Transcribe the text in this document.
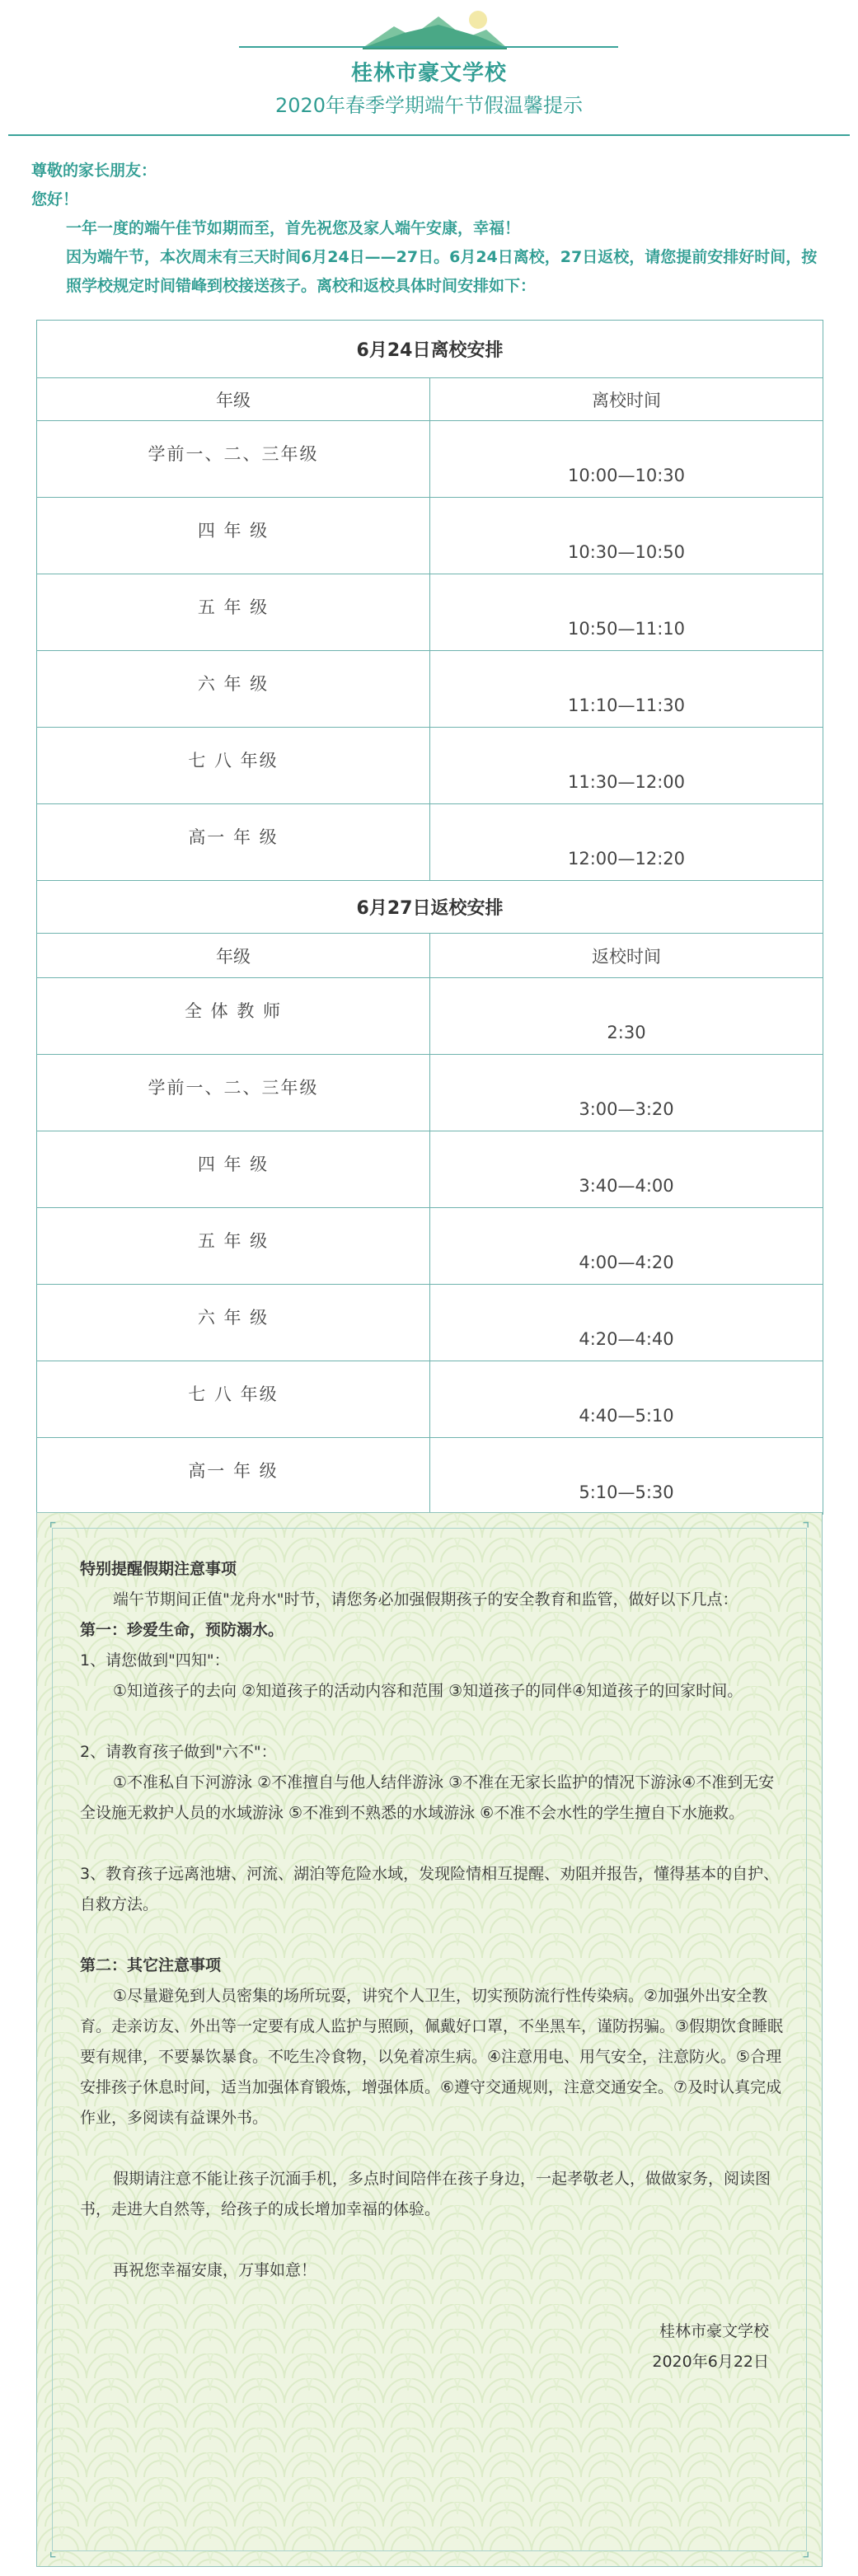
桂林市豪文学校
2020年春季学期端午节假温馨提示

尊敬的家长朋友：

您好！

一年一度的端午佳节如期而至，首先祝您及家人端午安康，幸福！

因为端午节，本次周末有三天时间6月24日——27日。6月24日离校，27日返校，请您提前安排好时间，按照学校规定时间错峰到校接送孩子。离校和返校具体时间安排如下：

6月24日离校安排	
年级	离校时间
学前一、二、三年级	10:00—10:30
四 年 级	10:30—10:50
五 年 级	10:50—11:10
六 年 级	11:10—11:30
七 八 年级	11:30—12:00
高一 年 级	12:00—12:20
6月27日返校安排	
年级	返校时间
全 体 教 师	2:30
学前一、二、三年级	3:00—3:20
四 年 级	3:40—4:00
五 年 级	4:00—4:20
六 年 级	4:20—4:40
七 八 年级	4:40—5:10
高一 年 级	5:10—5:30
⌜	⌝
⌞	⌟

特别提醒假期注意事项

端午节期间正值"龙舟水"时节，请您务必加强假期孩子的安全教育和监管，做好以下几点：

第一：珍爱生命，预防溺水。

1、请您做到"四知"：

①知道孩子的去向 ②知道孩子的活动内容和范围 ③知道孩子的同伴④知道孩子的回家时间。

2、请教育孩子做到"六不"：

①不准私自下河游泳 ②不准擅自与他人结伴游泳 ③不准在无家长监护的情况下游泳④不准到无安全设施无救护人员的水域游泳 ⑤不准到不熟悉的水域游泳 ⑥不准不会水性的学生擅自下水施救。

3、教育孩子远离池塘、河流、湖泊等危险水域，发现险情相互提醒、劝阻并报告，懂得基本的自护、自救方法。

第二：其它注意事项

①尽量避免到人员密集的场所玩耍，讲究个人卫生，切实预防流行性传染病。②加强外出安全教育。走亲访友、外出等一定要有成人监护与照顾，佩戴好口罩，不坐黑车，谨防拐骗。③假期饮食睡眠要有规律，不要暴饮暴食。不吃生冷食物，以免着凉生病。④注意用电、用气安全，注意防火。⑤合理安排孩子休息时间，适当加强体育锻炼，增强体质。⑥遵守交通规则，注意交通安全。⑦及时认真完成作业，多阅读有益课外书。

假期请注意不能让孩子沉湎手机，多点时间陪伴在孩子身边，一起孝敬老人，做做家务，阅读图书，走进大自然等，给孩子的成长增加幸福的体验。

再祝您幸福安康，万事如意！

桂林市豪文学校

2020年6月22日
